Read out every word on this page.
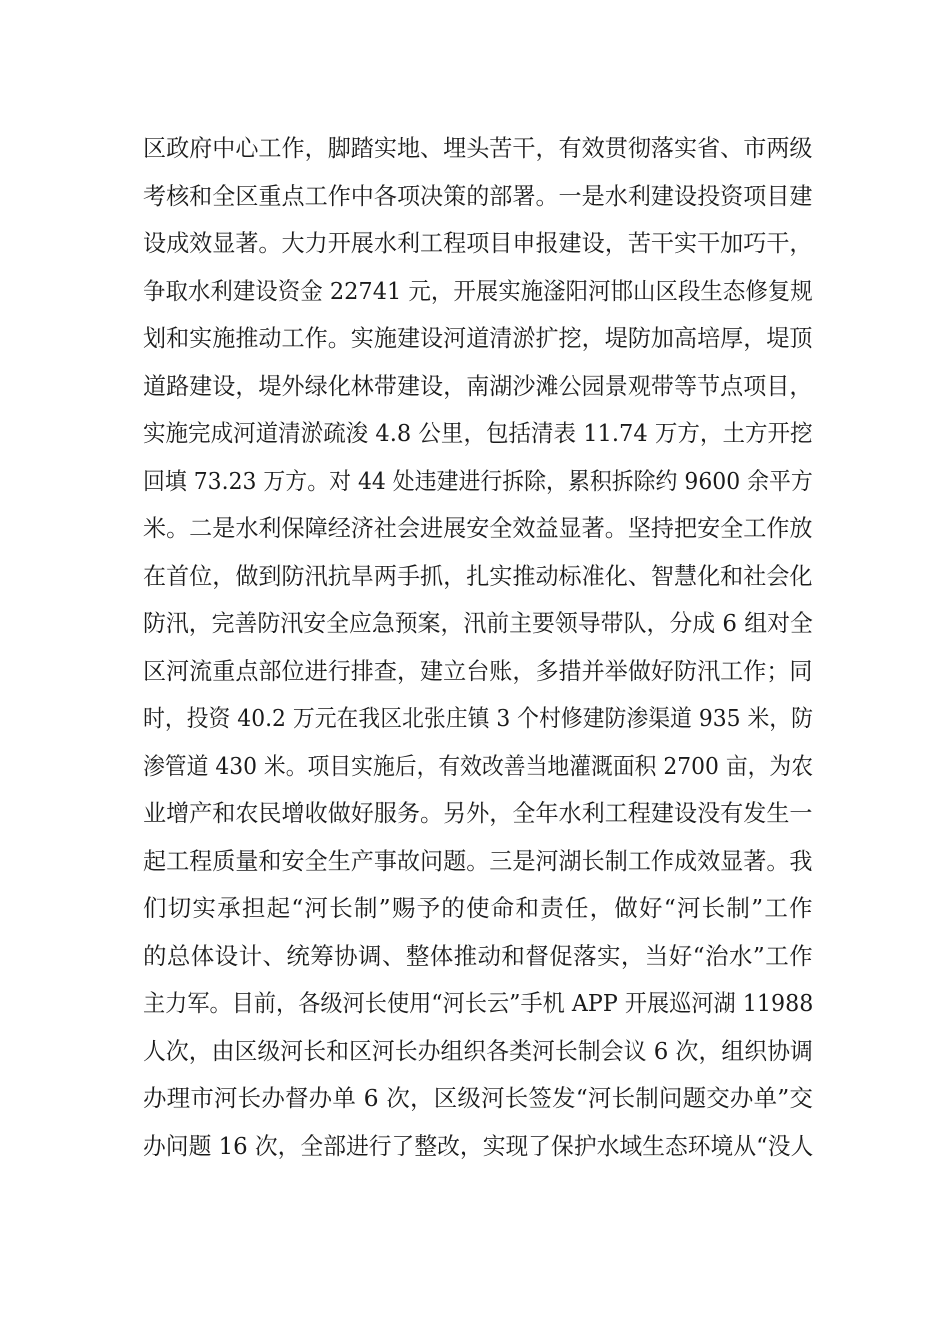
区政府中心工作，脚踏实地、埋头苦干，有效贯彻落实省、市两级
考核和全区重点工作中各项决策的部署。一是水利建设投资项目建
设成效显著。大力开展水利工程项目申报建设，苦干实干加巧干，
争取水利建设资金 22741 元，开展实施滏阳河邯山区段生态修复规
划和实施推动工作。实施建设河道清淤扩挖，堤防加高培厚，堤顶
道路建设，堤外绿化林带建设，南湖沙滩公园景观带等节点项目，
实施完成河道清淤疏浚 4.8 公里，包括清表 11.74 万方，土方开挖
回填 73.23 万方。对 44 处违建进行拆除，累积拆除约 9600 余平方
米。二是水利保障经济社会进展安全效益显著。坚持把安全工作放
在首位，做到防汛抗旱两手抓，扎实推动标准化、智慧化和社会化
防汛，完善防汛安全应急预案，汛前主要领导带队，分成 6 组对全
区河流重点部位进行排查，建立台账，多措并举做好防汛工作；同
时，投资 40.2 万元在我区北张庄镇 3 个村修建防渗渠道 935 米，防
渗管道 430 米。项目实施后，有效改善当地灌溉面积 2700 亩，为农
业增产和农民增收做好服务。另外，全年水利工程建设没有发生一
起工程质量和安全生产事故问题。三是河湖长制工作成效显著。我
们切实承担起“河长制”赐予的使命和责任，做好“河长制”工作
的总体设计、统筹协调、整体推动和督促落实，当好“治水”工作
主力军。目前，各级河长使用“河长云”手机 APP 开展巡河湖 11988
人次，由区级河长和区河长办组织各类河长制会议 6 次，组织协调
办理市河长办督办单 6 次，区级河长签发“河长制问题交办单”交
办问题 16 次，全部进行了整改，实现了保护水域生态环境从“没人
